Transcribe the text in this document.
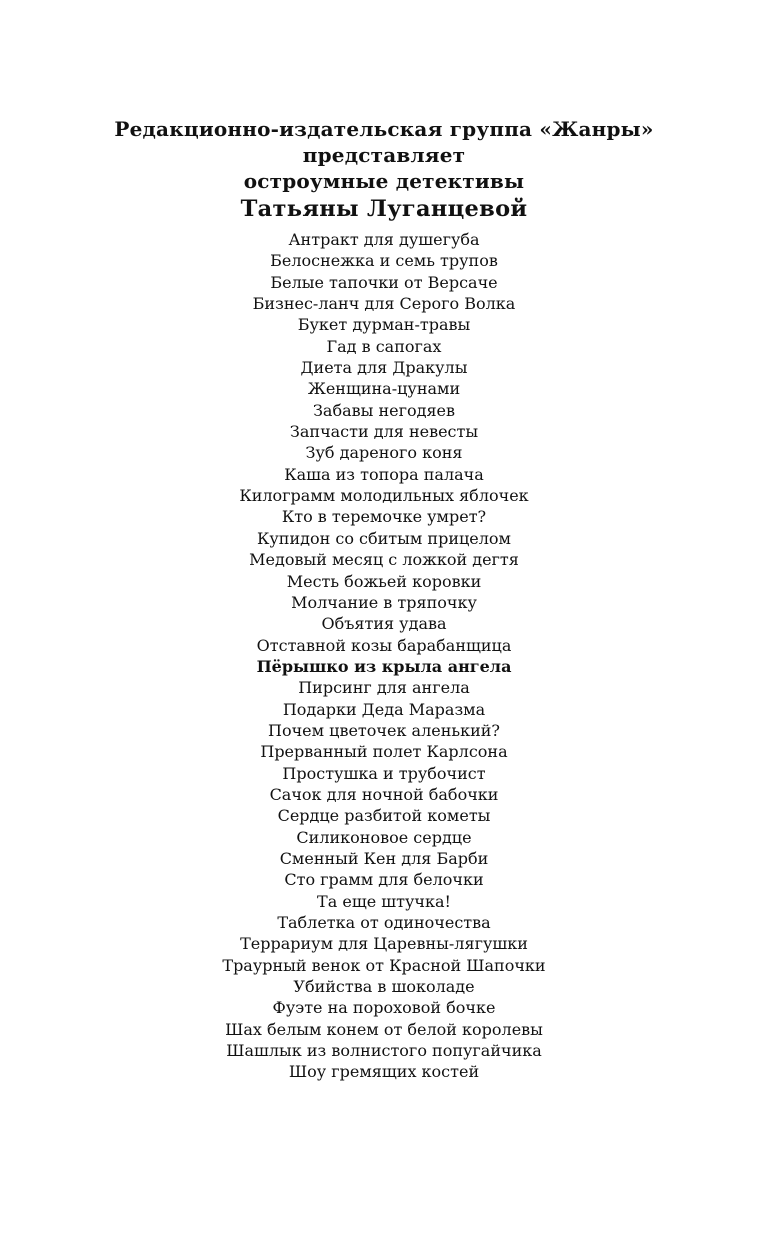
Редакционно-издательская группа «Жанры»
представляет
остроумные детективы
Татьяны Луганцевой
Антракт для душегуба
Белоснежка и семь трупов
Белые тапочки от Версаче
Бизнес-ланч для Серого Волка
Букет дурман-травы
Гад в сапогах
Диета для Дракулы
Женщина-цунами
Забавы негодяев
Запчасти для невесты
Зуб дареного коня
Каша из топора палача
Килограмм молодильных яблочек
Кто в теремочке умрет?
Купидон со сбитым прицелом
Медовый месяц с ложкой дегтя
Месть божьей коровки
Молчание в тряпочку
Объятия удава
Отставной козы барабанщица
Пёрышко из крыла ангела
Пирсинг для ангела
Подарки Деда Маразма
Почем цветочек аленький?
Прерванный полет Карлсона
Простушка и трубочист
Сачок для ночной бабочки
Сердце разбитой кометы
Силиконовое сердце
Сменный Кен для Барби
Сто грамм для белочки
Та еще штучка!
Таблетка от одиночества
Террариум для Царевны-лягушки
Траурный венок от Красной Шапочки
Убийства в шоколаде
Фуэте на пороховой бочке
Шах белым конем от белой королевы
Шашлык из волнистого попугайчика
Шоу гремящих костей
